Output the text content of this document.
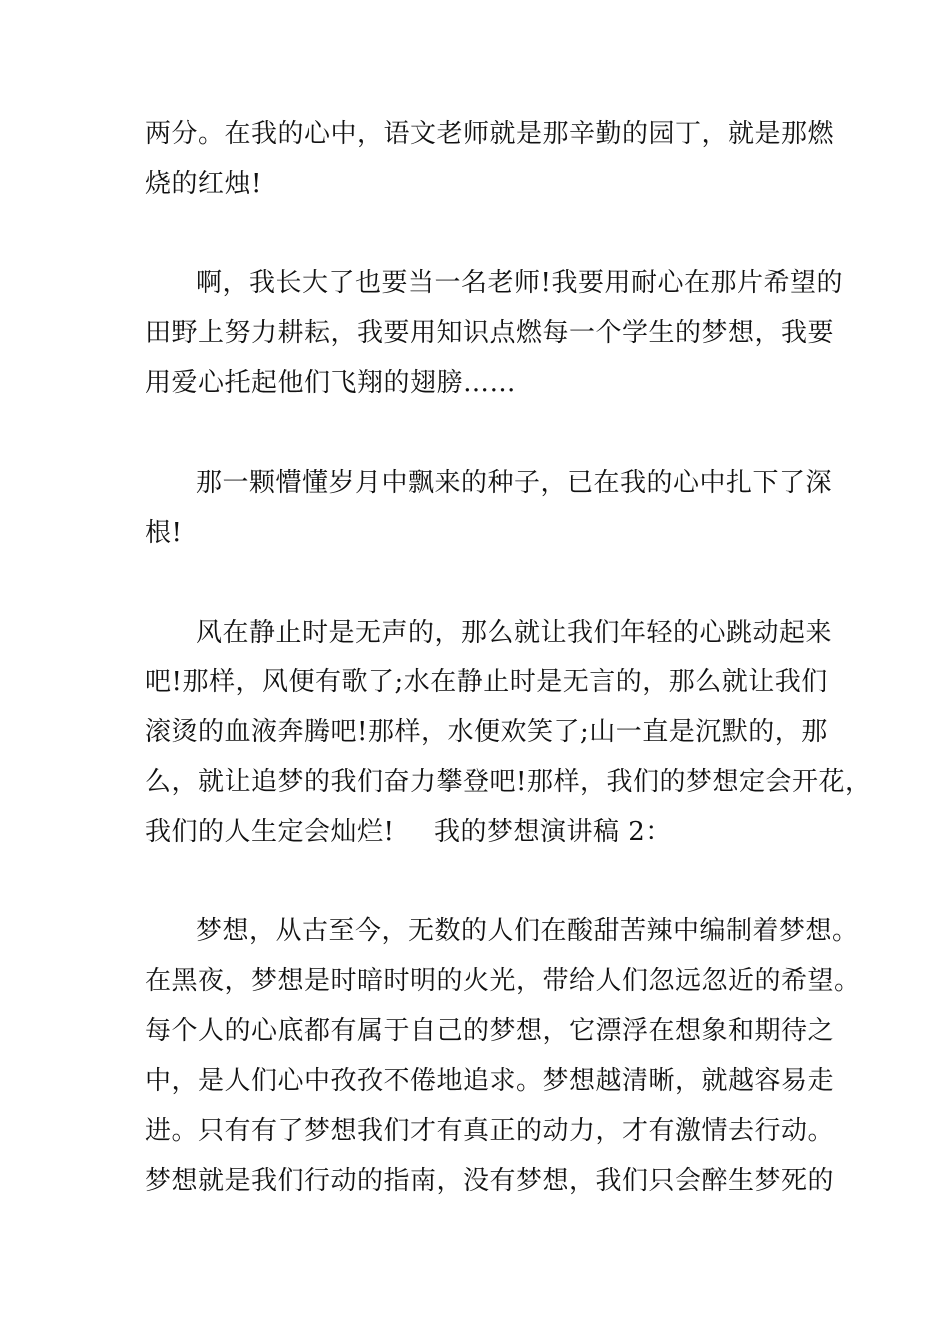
两分。在我的心中，语文老师就是那辛勤的园丁，就是那燃

烧的红烛!

啊，我长大了也要当一名老师!我要用耐心在那片希望的

田野上努力耕耘，我要用知识点燃每一个学生的梦想，我要

用爱心托起他们飞翔的翅膀……

那一颗懵懂岁月中飘来的种子，已在我的心中扎下了深

根!

风在静止时是无声的，那么就让我们年轻的心跳动起来

吧!那样，风便有歌了;水在静止时是无言的，那么就让我们

滚烫的血液奔腾吧!那样，水便欢笑了;山一直是沉默的，那

么，就让追梦的我们奋力攀登吧!那样，我们的梦想定会开花，

我们的人生定会灿烂! 我的梦想演讲稿 2：

梦想，从古至今，无数的人们在酸甜苦辣中编制着梦想。

在黑夜，梦想是时暗时明的火光，带给人们忽远忽近的希望。

每个人的心底都有属于自己的梦想，它漂浮在想象和期待之

中，是人们心中孜孜不倦地追求。梦想越清晰，就越容易走

进。只有有了梦想我们才有真正的动力，才有激情去行动。

梦想就是我们行动的指南，没有梦想，我们只会醉生梦死的
